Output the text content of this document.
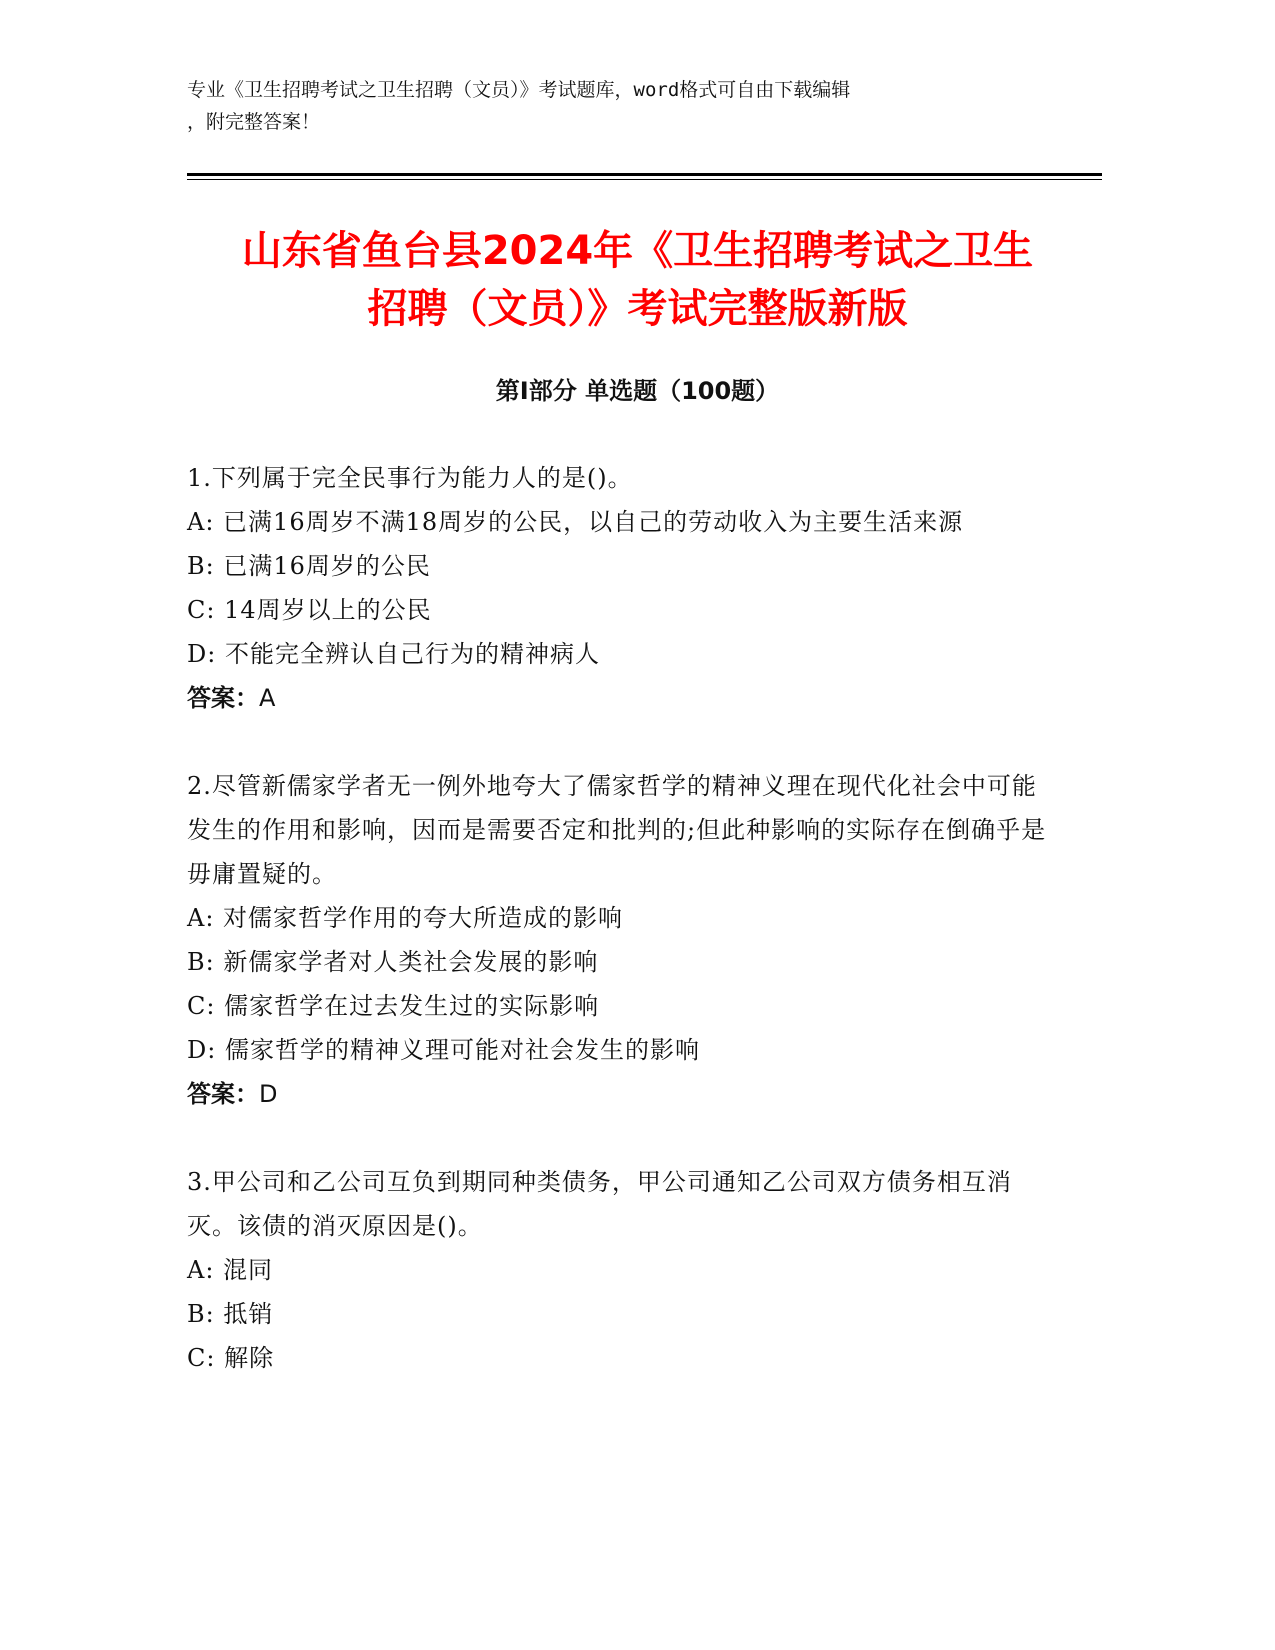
专业《卫生招聘考试之卫生招聘（文员）》考试题库，word格式可自由下载编辑
，附完整答案！
山东省鱼台县2024年《卫生招聘考试之卫生
招聘（文员）》考试完整版新版
第Ⅰ部分 单选题（100题）
1.下列属于完全民事行为能力人的是()。
A: 已满16周岁不满18周岁的公民，以自己的劳动收入为主要生活来源
B: 已满16周岁的公民
C: 14周岁以上的公民
D: 不能完全辨认自己行为的精神病人
答案：A
2.尽管新儒家学者无一例外地夸大了儒家哲学的精神义理在现代化社会中可能发生的作用和影响，因而是需要否定和批判的;但此种影响的实际存在倒确乎是毋庸置疑的。
A: 对儒家哲学作用的夸大所造成的影响
B: 新儒家学者对人类社会发展的影响
C: 儒家哲学在过去发生过的实际影响
D: 儒家哲学的精神义理可能对社会发生的影响
答案：D
3.甲公司和乙公司互负到期同种类债务，甲公司通知乙公司双方债务相互消灭。该债的消灭原因是()。
A: 混同
B: 抵销
C: 解除
